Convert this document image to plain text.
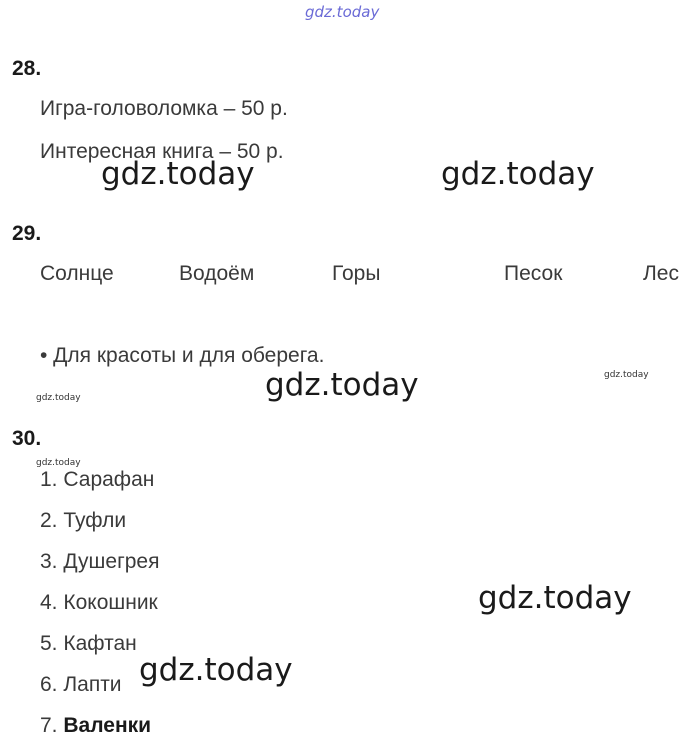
gdz.today
28.
Игра-головоломка – 50 р.
Интересная книга – 50 р.
gdz.today	gdz.today
29.
Солнце	Водоём	Горы	Песок	Лес
• Для красоты и для оберега.
gdz.today
gdz.today
gdz.today
30.
gdz.today
1. Сарафан
2. Туфли
3. Душегрея
4. Кокошник
5. Кафтан
6. Лапти
7. Валенки
gdz.today
gdz.today
